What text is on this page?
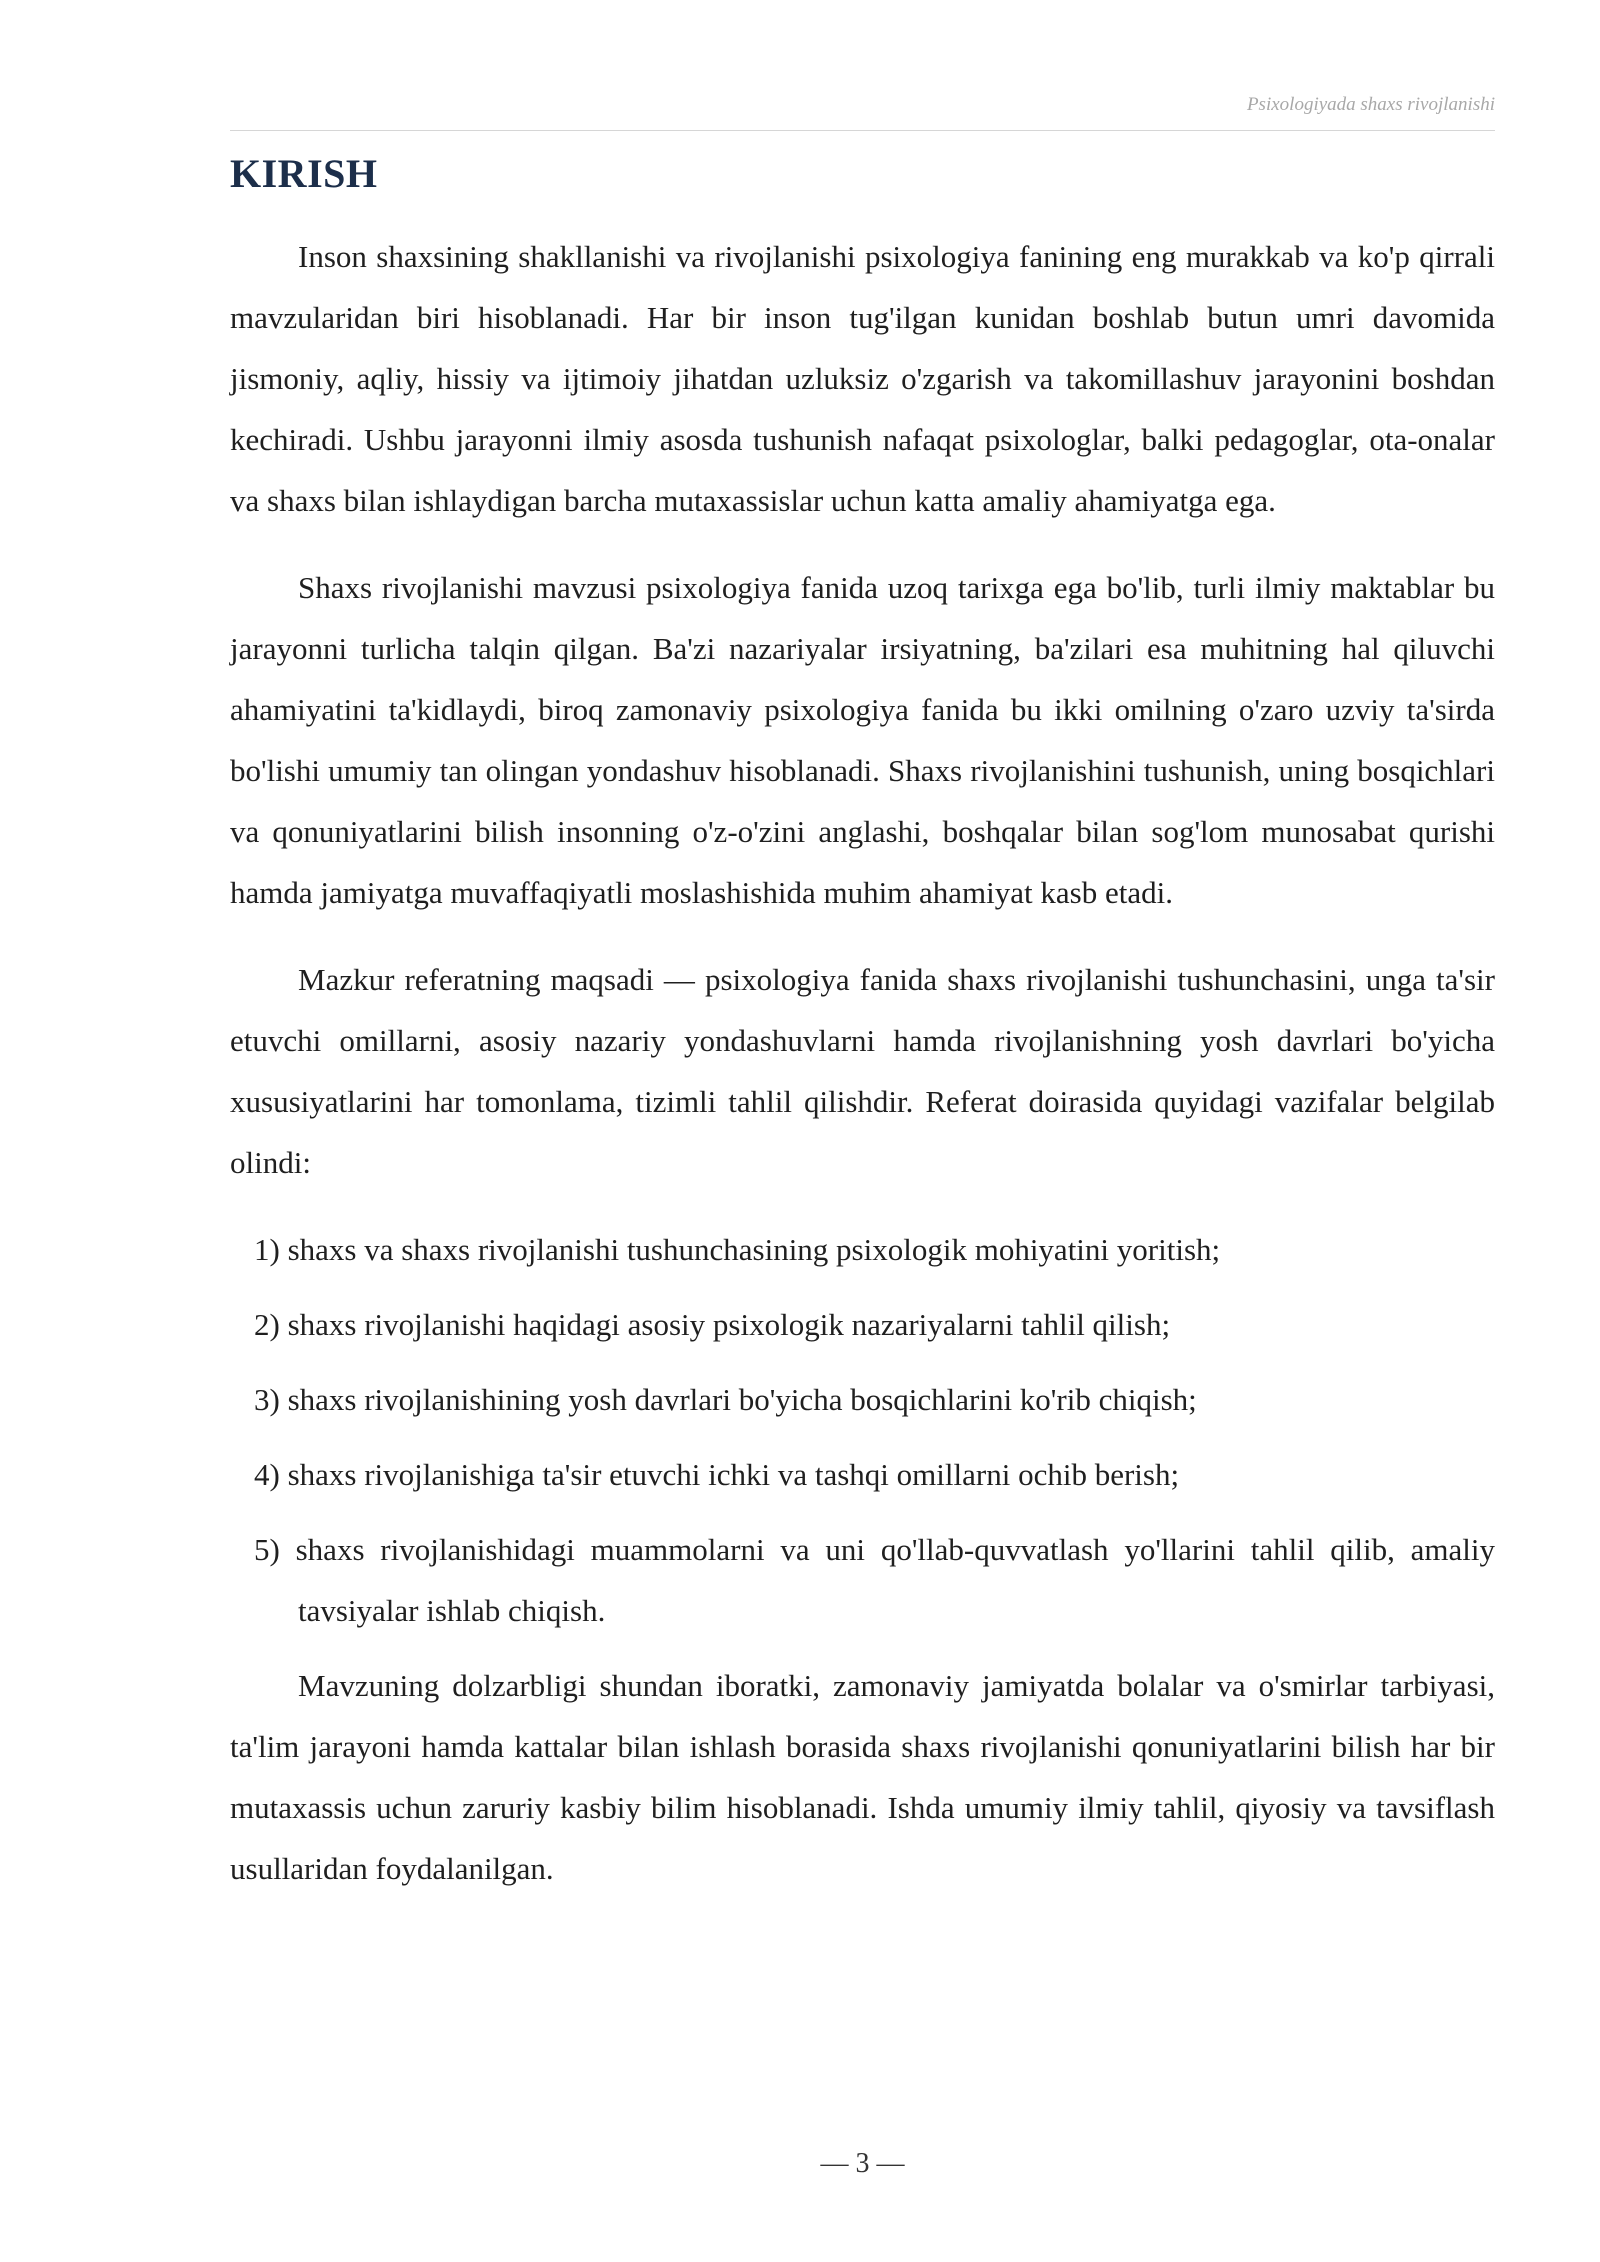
Psixologiyada shaxs rivojlanishi
KIRISH

Inson shaxsining shakllanishi va rivojlanishi psixologiya fanining eng murakkab va ko'p qirrali mavzularidan biri hisoblanadi. Har bir inson tug'ilgan kunidan boshlab butun umri davomida jismoniy, aqliy, hissiy va ijtimoiy jihatdan uzluksiz o'zgarish va takomillashuv jarayonini boshdan kechiradi. Ushbu jarayonni ilmiy asosda tushunish nafaqat psixologlar, balki pedagoglar, ota-onalar va shaxs bilan ishlaydigan barcha mutaxassislar uchun katta amaliy ahamiyatga ega.

Shaxs rivojlanishi mavzusi psixologiya fanida uzoq tarixga ega bo'lib, turli ilmiy maktablar bu jarayonni turlicha talqin qilgan. Ba'zi nazariyalar irsiyatning, ba'zilari esa muhitning hal qiluvchi ahamiyatini ta'kidlaydi, biroq zamonaviy psixologiya fanida bu ikki omilning o'zaro uzviy ta'sirda bo'lishi umumiy tan olingan yondashuv hisoblanadi. Shaxs rivojlanishini tushunish, uning bosqichlari va qonuniyatlarini bilish insonning o'z-o'zini anglashi, boshqalar bilan sog'lom munosabat qurishi hamda jamiyatga muvaffaqiyatli moslashishida muhim ahamiyat kasb etadi.

Mazkur referatning maqsadi — psixologiya fanida shaxs rivojlanishi tushunchasini, unga ta'sir etuvchi omillarni, asosiy nazariy yondashuvlarni hamda rivojlanishning yosh davrlari bo'yicha xususiyatlarini har tomonlama, tizimli tahlil qilishdir. Referat doirasida quyidagi vazifalar belgilab olindi:

1) shaxs va shaxs rivojlanishi tushunchasining psixologik mohiyatini yoritish;
2) shaxs rivojlanishi haqidagi asosiy psixologik nazariyalarni tahlil qilish;
3) shaxs rivojlanishining yosh davrlari bo'yicha bosqichlarini ko'rib chiqish;
4) shaxs rivojlanishiga ta'sir etuvchi ichki va tashqi omillarni ochib berish;
5) shaxs rivojlanishidagi muammolarni va uni qo'llab-quvvatlash yo'llarini tahlil qilib, amaliy tavsiyalar ishlab chiqish.

Mavzuning dolzarbligi shundan iboratki, zamonaviy jamiyatda bolalar va o'smirlar tarbiyasi, ta'lim jarayoni hamda kattalar bilan ishlash borasida shaxs rivojlanishi qonuniyatlarini bilish har bir mutaxassis uchun zaruriy kasbiy bilim hisoblanadi. Ishda umumiy ilmiy tahlil, qiyosiy va tavsiflash usullaridan foydalanilgan.

— 3 —
